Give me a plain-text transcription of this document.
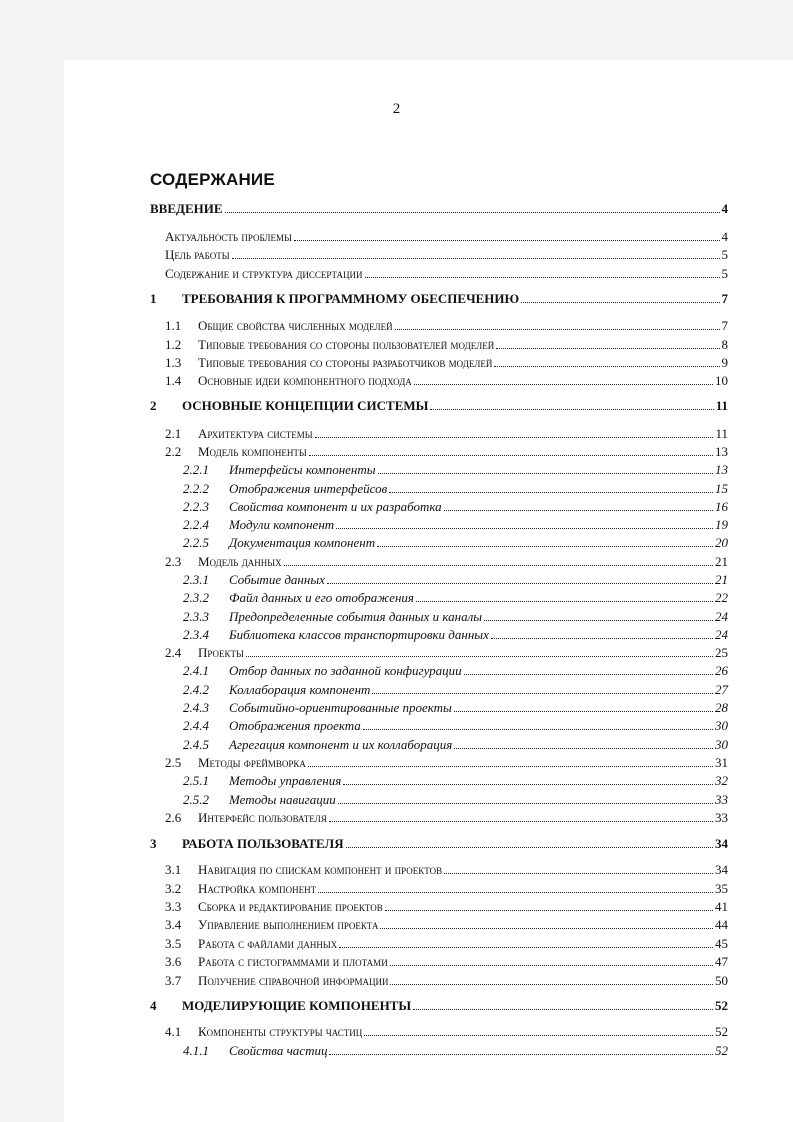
2
СОДЕРЖАНИЕ
ВВЕДЕНИЕ	4
Актуальность проблемы	4
Цель работы	5
Содержание и структура диссертации	5
1	ТРЕБОВАНИЯ К ПРОГРАММНОМУ ОБЕСПЕЧЕНИЮ	7
1.1	Общие свойства численных моделей	7
1.2	Типовые требования со стороны пользователей моделей	8
1.3	Типовые требования со стороны разработчиков моделей	9
1.4	Основные идеи компонентного подхода	10
2	ОСНОВНЫЕ КОНЦЕПЦИИ СИСТЕМЫ	11
2.1	Архитектура системы	11
2.2	Модель компоненты	13
2.2.1	Интерфейсы компоненты	13
2.2.2	Отображения интерфейсов	15
2.2.3	Свойства компонент и их разработка	16
2.2.4	Модули компонент	19
2.2.5	Документация компонент	20
2.3	Модель данных	21
2.3.1	Событие данных	21
2.3.2	Файл данных и его отображения	22
2.3.3	Предопределенные события данных и каналы	24
2.3.4	Библиотека классов транспортировки данных	24
2.4	Проекты	25
2.4.1	Отбор данных по заданной конфигурации	26
2.4.2	Коллаборация компонент	27
2.4.3	Событийно-ориентированные проекты	28
2.4.4	Отображения проекта	30
2.4.5	Агрегация компонент и их коллаборация	30
2.5	Методы фреймворка	31
2.5.1	Методы управления	32
2.5.2	Методы навигации	33
2.6	Интерфейс пользователя	33
3	РАБОТА ПОЛЬЗОВАТЕЛЯ	34
3.1	Навигация по спискам компонент и проектов	34
3.2	Настройка компонент	35
3.3	Сборка и редактирование проектов	41
3.4	Управление выполнением проекта	44
3.5	Работа с файлами данных	45
3.6	Работа с гистограммами и плотами	47
3.7	Получение справочной информации	50
4	МОДЕЛИРУЮЩИЕ КОМПОНЕНТЫ	52
4.1	Компоненты структуры частиц	52
4.1.1	Свойства частиц	52
